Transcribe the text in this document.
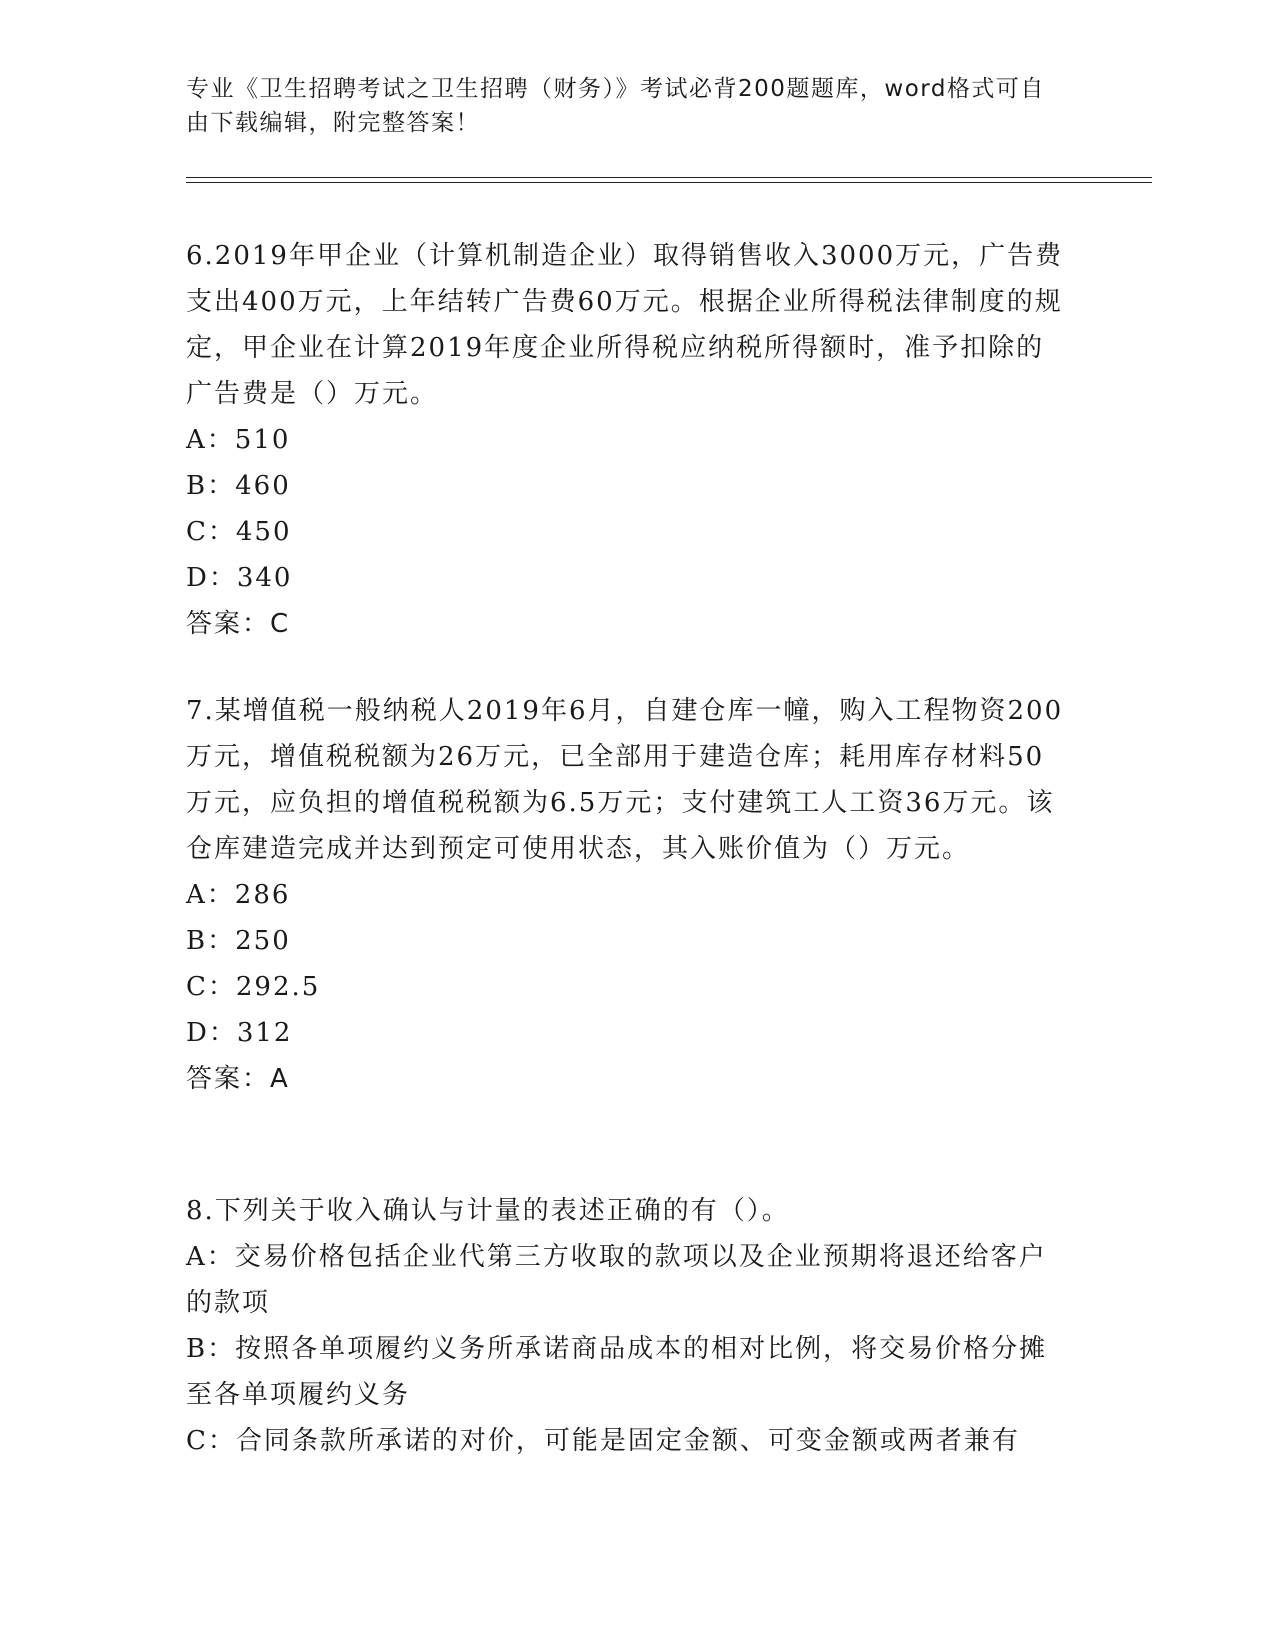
专业《卫生招聘考试之卫生招聘（财务）》考试必背200题题库，word格式可自由下载编辑，附完整答案！
6.2019年甲企业（计算机制造企业）取得销售收入3000万元，广告费支出400万元，上年结转广告费60万元。根据企业所得税法律制度的规定，甲企业在计算2019年度企业所得税应纳税所得额时，准予扣除的广告费是（）万元。
A：510
B：460
C：450
D：340
答案：C
7.某增值税一般纳税人2019年6月，自建仓库一幢，购入工程物资200万元，增值税税额为26万元，已全部用于建造仓库；耗用库存材料50万元，应负担的增值税税额为6.5万元；支付建筑工人工资36万元。该仓库建造完成并达到预定可使用状态，其入账价值为（）万元。
A：286
B：250
C：292.5
D：312
答案：A
8.下列关于收入确认与计量的表述正确的有（）。
A：交易价格包括企业代第三方收取的款项以及企业预期将退还给客户的款项
B：按照各单项履约义务所承诺商品成本的相对比例，将交易价格分摊至各单项履约义务
C：合同条款所承诺的对价，可能是固定金额、可变金额或两者兼有
